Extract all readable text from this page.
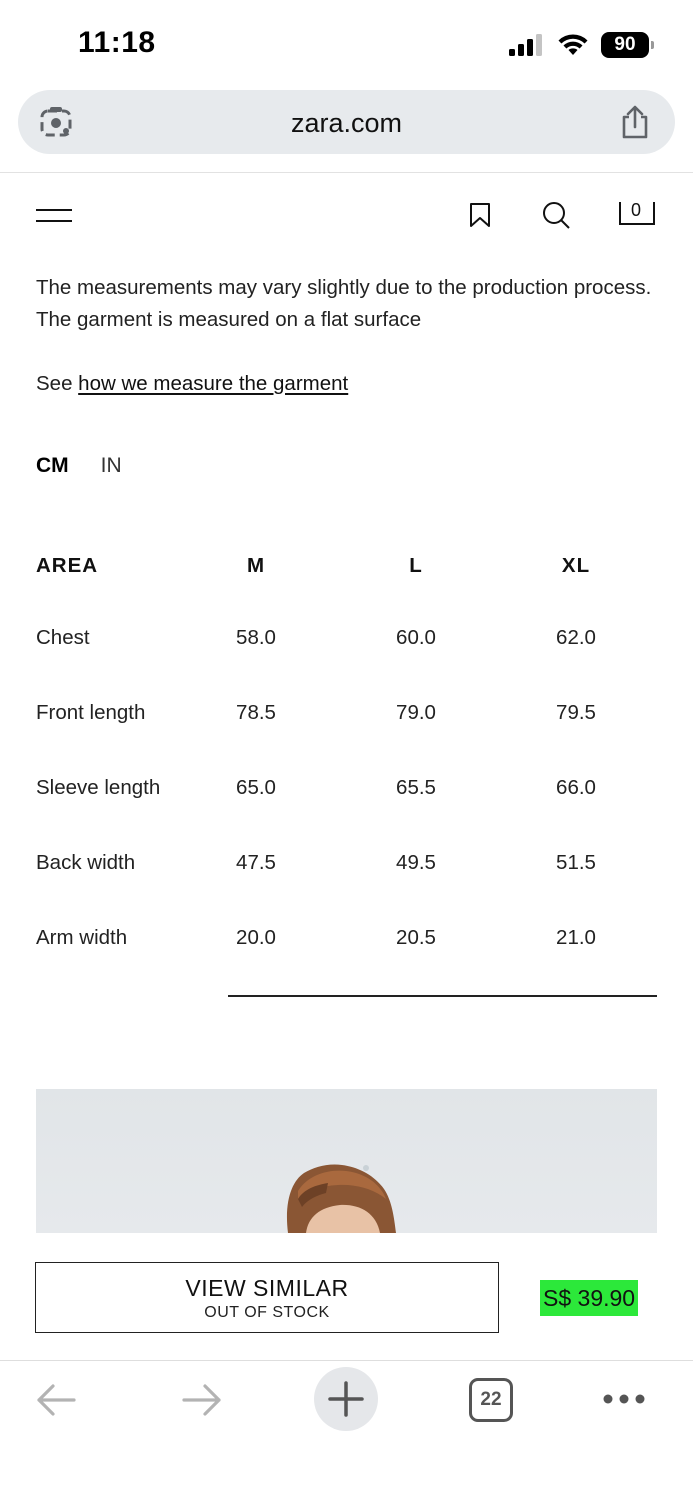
11:18	90
zara.com
0

The measurements may vary slightly due to the production process. The garment is measured on a flat surface

See how we measure the garment

CM IN
AREA	M	L	XL
Chest	58.0	60.0	62.0
Front length	78.5	79.0	79.5
Sleeve length	65.0	65.5	66.0
Back width	47.5	49.5	51.5
Arm width	20.0	20.5	21.0
VIEW SIMILAR
OUT OF STOCK
S$ 39.90
22
